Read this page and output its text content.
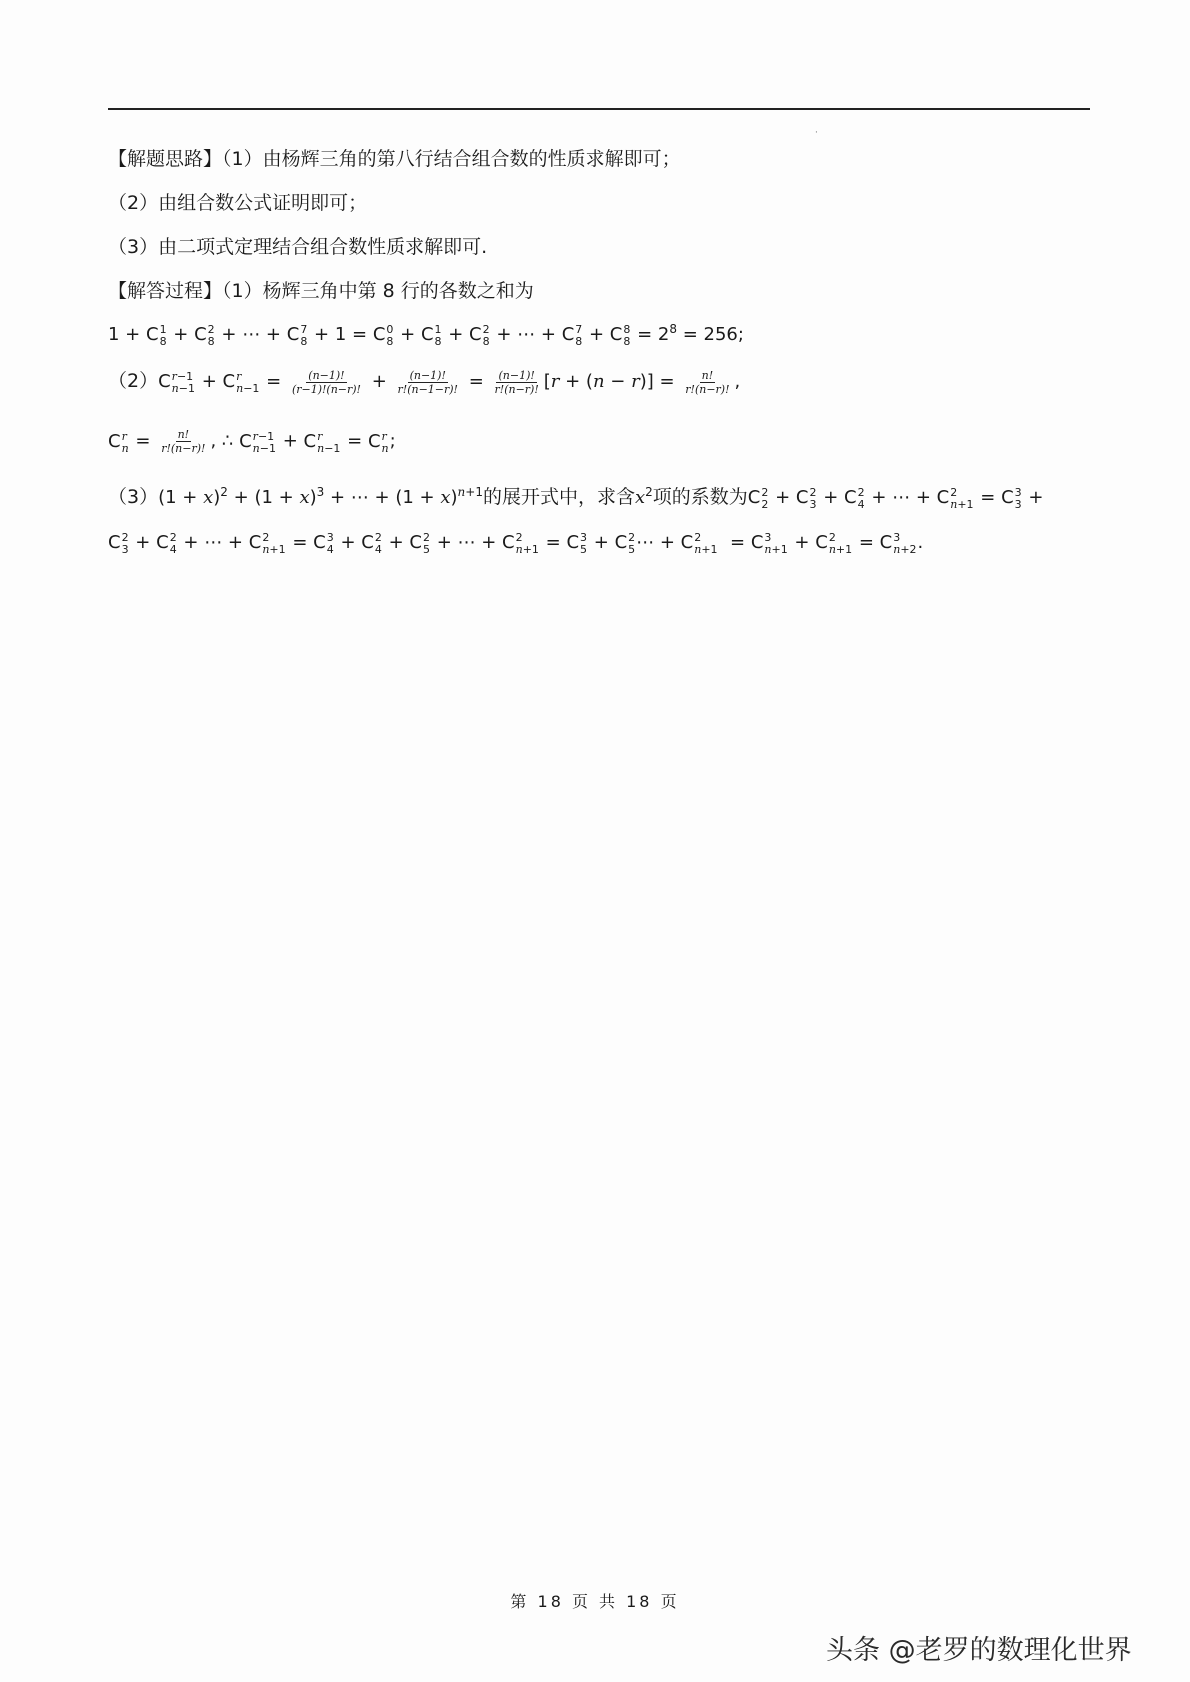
·
【解题思路】（1）由杨辉三角的第八行结合组合数的性质求解即可；
（2）由组合数公式证明即可；
（3）由二项式定理结合组合数性质求解即可.
【解答过程】（1）杨辉三角中第 8 行的各数之和为
1 + C 1
8 + C 2
8 + ⋯ + C 7
8 + 1 = C 0
8 + C 1
8 + C 2
8 + ⋯ + C 7
8 + C 8
$8 = 2^8 = 256$;
（2）C r−1
n−1 + C r
$n-1 = \frac{(n-1)!}{(r-1)!(n-r)!} + \frac{(n-1)!}{r!(n-1-r)!} = \frac{(n-1)!}{r!(n-r)!} [r + (n - r)] = \frac{n!}{r!(n-r)!}$ ,
C r
$n = \frac{n!}{r!(n-r)!}$ , ∴ C r−1
n−1 + C r
n−1 = C r
n ;
$(3)(1 + x)^2 + (1 + x)^3$ + ⋯ + $(1 + x)^{n+1}$的展开式中，求含$x^2$项的系数为C 2
2 + C 2
3 + C 2
4 + ⋯ + C 2
n+1 = C 3
3 +
C 2
3 + C 2
4 + ⋯ + C 2
n+1 = C 3
4 + C 2
4 + C 2
5 + ⋯ + C 2
n+1 = C 3
5 + C 2
5 ⋯ + C 2
n+1 = C 3
n+1 + C 2
n+1 = C 3
n+2 .
第 18 页 共 18 页
头条 @老罗的数理化世界
